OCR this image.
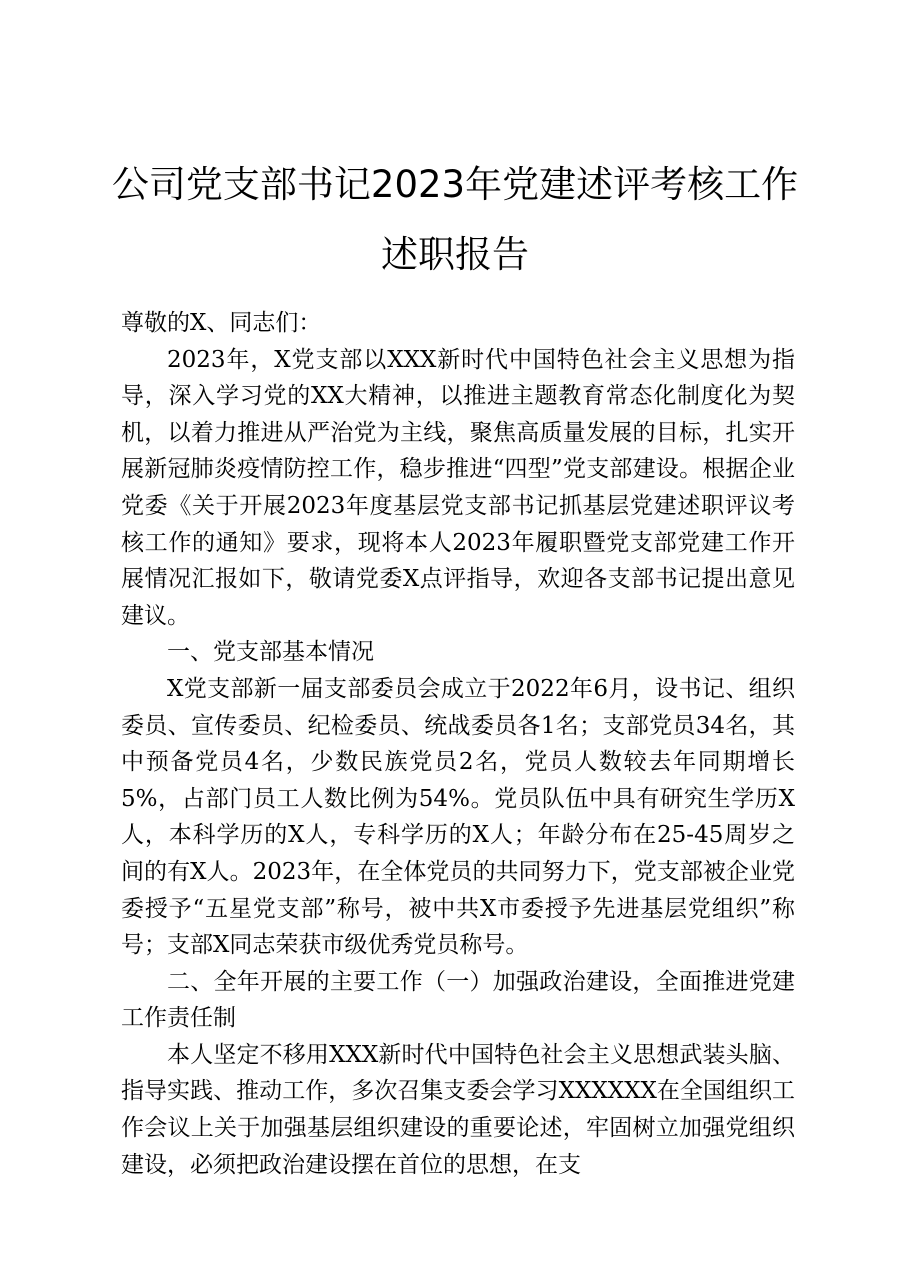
公司党支部书记2023年党建述评考核工作述职报告

尊敬的X、同志们：

2023年，X党支部以XXX新时代中国特色社会主义思想为指导，深入学习党的XX大精神，以推进主题教育常态化制度化为契机，以着力推进从严治党为主线，聚焦高质量发展的目标，扎实开展新冠肺炎疫情防控工作，稳步推进“四型”党支部建设。根据企业党委《关于开展2023年度基层党支部书记抓基层党建述职评议考核工作的通知》要求，现将本人2023年履职暨党支部党建工作开展情况汇报如下，敬请党委X点评指导，欢迎各支部书记提出意见建议。

一、党支部基本情况

X党支部新一届支部委员会成立于2022年6月，设书记、组织委员、宣传委员、纪检委员、统战委员各1名；支部党员34名，其中预备党员4名，少数民族党员2名，党员人数较去年同期增长5%，占部门员工人数比例为54%。党员队伍中具有研究生学历X人，本科学历的X人，专科学历的X人；年龄分布在25-45周岁之间的有X人。2023年，在全体党员的共同努力下，党支部被企业党委授予“五星党支部”称号，被中共X市委授予先进基层党组织”称号；支部X同志荣获市级优秀党员称号。

二、全年开展的主要工作（一）加强政治建设，全面推进党建工作责任制

本人坚定不移用XXX新时代中国特色社会主义思想武装头脑、指导实践、推动工作，多次召集支委会学习XXXXXX在全国组织工作会议上关于加强基层组织建设的重要论述，牢固树立加强党组织建设，必须把政治建设摆在首位的思想，在支
